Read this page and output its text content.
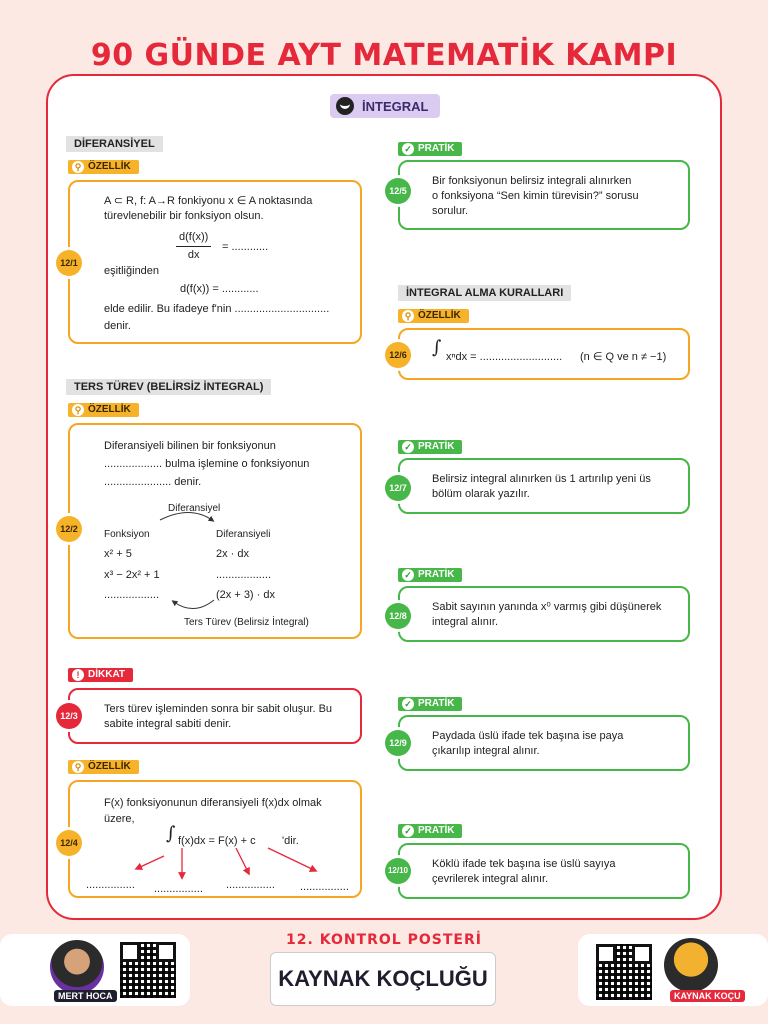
90 GÜNDE AYT MATEMATİK KAMPI
İNTEGRAL
DİFERANSİYEL
⚲ ÖZELLİK
A ⊂ R, f: A→R fonkiyonu x ∈ A noktasında
türevlenebilir bir fonksiyon olsun.
$\frac{d(f(x))}{dx}$ = ............
eşitliğinden
d(f(x)) = ............
elde edilir. Bu ifadeye f'nin ...............................
denir.
12/1
TERS TÜREV (BELİRSİZ İNTEGRAL)
⚲ ÖZELLİK
Diferansiyeli bilinen bir fonksiyonun
................... bulma işlemine o fonksiyonun
...................... denir.
Diferansiyel
Fonksiyon	Diferansiyeli
x² + 5	2x · dx
x³ − 2x² + 1	..................
..................	(2x + 3) · dx
Ters Türev (Belirsiz İntegral)
12/2
! DİKKAT
Ters türev işleminden sonra bir sabit oluşur. Bu
sabite integral sabiti denir.
12/3
⚲ ÖZELLİK
F(x) fonksiyonunun diferansiyeli f(x)dx olmak
üzere,
∫ f(x)dx = F(x) + c 'dir.
................ ................ ................ ................
12/4
✓ PRATİK
Bir fonksiyonun belirsiz integrali alınırken
o fonksiyona “Sen kimin türevisin?” sorusu
sorulur.
12/5
İNTEGRAL ALMA KURALLARI
⚲ ÖZELLİK
∫ xⁿdx = ........................... (n ∈ Q ve n ≠ −1)
12/6
✓ PRATİK
Belirsiz integral alınırken üs 1 artırılıp yeni üs
bölüm olarak yazılır.
12/7
✓ PRATİK
Sabit sayının yanında x⁰ varmış gibi düşünerek
integral alınır.
12/8
✓ PRATİK
Paydada üslü ifade tek başına ise paya
çıkarılıp integral alınır.
12/9
✓ PRATİK
Köklü ifade tek başına ise üslü sayıya
çevrilerek integral alınır.
12/10
12. KONTROL POSTERİ
KAYNAK KOÇLUĞU
MERT HOCA	KAYNAK KOÇU
